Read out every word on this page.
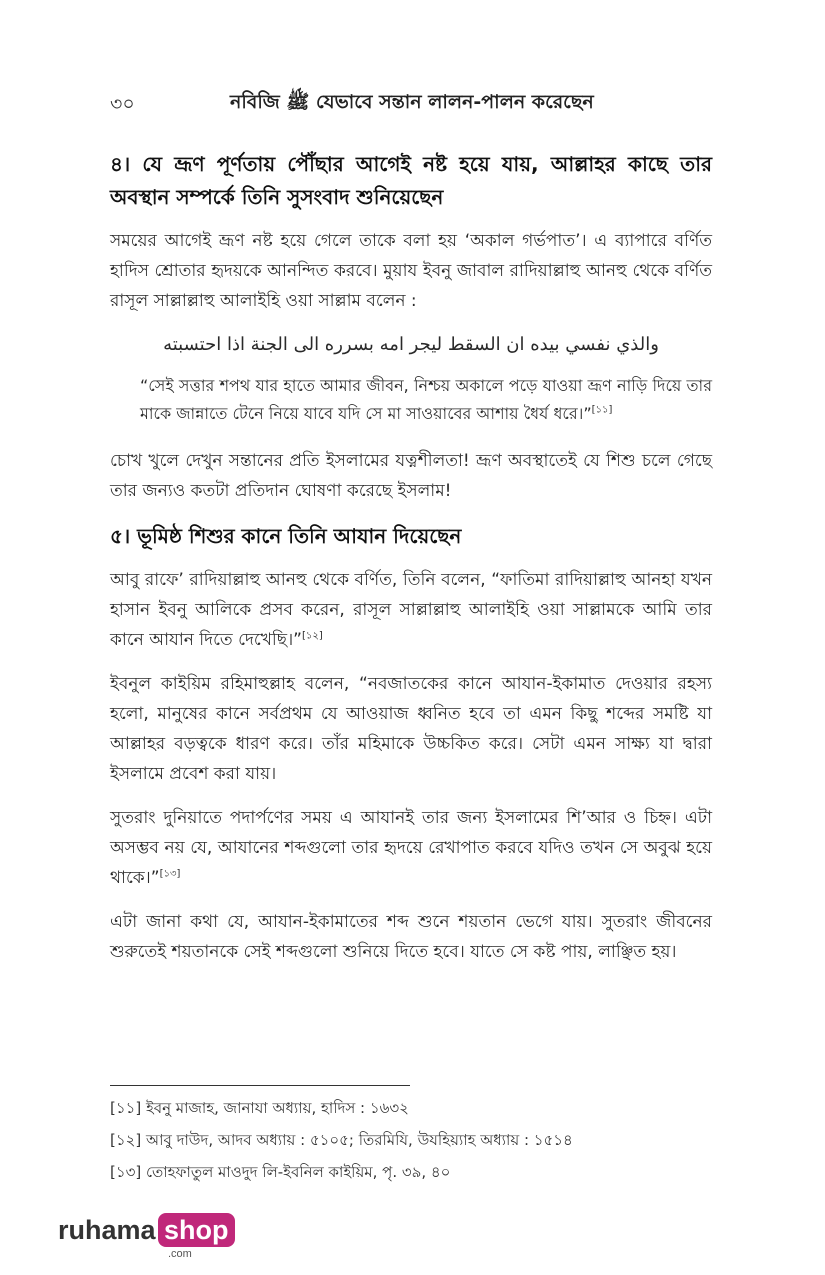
৩০	নবিজি ﷺ যেভাবে সন্তান লালন-পালন করেছেন
৪। যে ভ্রূণ পূর্ণতায় পৌঁছার আগেই নষ্ট হয়ে যায়, আল্লাহর কাছে তার অবস্থান সম্পর্কে তিনি সুসংবাদ শুনিয়েছেন

সময়ের আগেই ভ্রূণ নষ্ট হয়ে গেলে তাকে বলা হয় ‘অকাল গর্ভপাত’। এ ব্যাপারে বর্ণিত হাদিস শ্রোতার হৃদয়কে আনন্দিত করবে। মুয়ায ইবনু জাবাল রাদিয়াল্লাহু আনহু থেকে বর্ণিত রাসূল সাল্লাল্লাহু আলাইহি ওয়া সাল্লাম বলেন :

والذي نفسي بيده ان السقط ليجر امه بسرره الى الجنة اذا احتسبته

“সেই সত্তার শপথ যার হাতে আমার জীবন, নিশ্চয় অকালে পড়ে যাওয়া ভ্রূণ নাড়ি দিয়ে তার মাকে জান্নাতে টেনে নিয়ে যাবে যদি সে মা সাওয়াবের আশায় ধৈর্য ধরে।”[১১]

চোখ খুলে দেখুন সন্তানের প্রতি ইসলামের যত্নশীলতা! ভ্রূণ অবস্থাতেই যে শিশু চলে গেছে তার জন্যও কতটা প্রতিদান ঘোষণা করেছে ইসলাম!

৫। ভূমিষ্ঠ শিশুর কানে তিনি আযান দিয়েছেন

আবু রাফে’ রাদিয়াল্লাহু আনহু থেকে বর্ণিত, তিনি বলেন, “ফাতিমা রাদিয়াল্লাহু আনহা যখন হাসান ইবনু আলিকে প্রসব করেন, রাসূল সাল্লাল্লাহু আলাইহি ওয়া সাল্লামকে আমি তার কানে আযান দিতে দেখেছি।”[১২]

ইবনুল কাইয়িম রহিমাহুল্লাহ বলেন, “নবজাতকের কানে আযান-ইকামাত দেওয়ার রহস্য হলো, মানুষের কানে সর্বপ্রথম যে আওয়াজ ধ্বনিত হবে তা এমন কিছু শব্দের সমষ্টি যা আল্লাহর বড়ত্বকে ধারণ করে। তাঁর মহিমাকে উচ্চকিত করে। সেটা এমন সাক্ষ্য যা দ্বারা ইসলামে প্রবেশ করা যায়।

সুতরাং দুনিয়াতে পদার্পণের সময় এ আযানই তার জন্য ইসলামের শি’আর ও চিহ্ন। এটা অসম্ভব নয় যে, আযানের শব্দগুলো তার হৃদয়ে রেখাপাত করবে যদিও তখন সে অবুঝ হয়ে থাকে।”[১৩]

এটা জানা কথা যে, আযান-ইকামাতের শব্দ শুনে শয়তান ভেগে যায়। সুতরাং জীবনের শুরুতেই শয়তানকে সেই শব্দগুলো শুনিয়ে দিতে হবে। যাতে সে কষ্ট পায়, লাঞ্ছিত হয়।

[১১] ইবনু মাজাহ, জানাযা অধ্যায়, হাদিস : ১৬৩২

[১২] আবু দাউদ, আদব অধ্যায় : ৫১০৫; তিরমিযি, উযহিয়্যাহ অধ্যায় : ১৫১৪

[১৩] তোহফাতুল মাওদুদ লি-ইবনিল কাইয়িম, পৃ. ৩৯, ৪০

ruhama shop
.com
